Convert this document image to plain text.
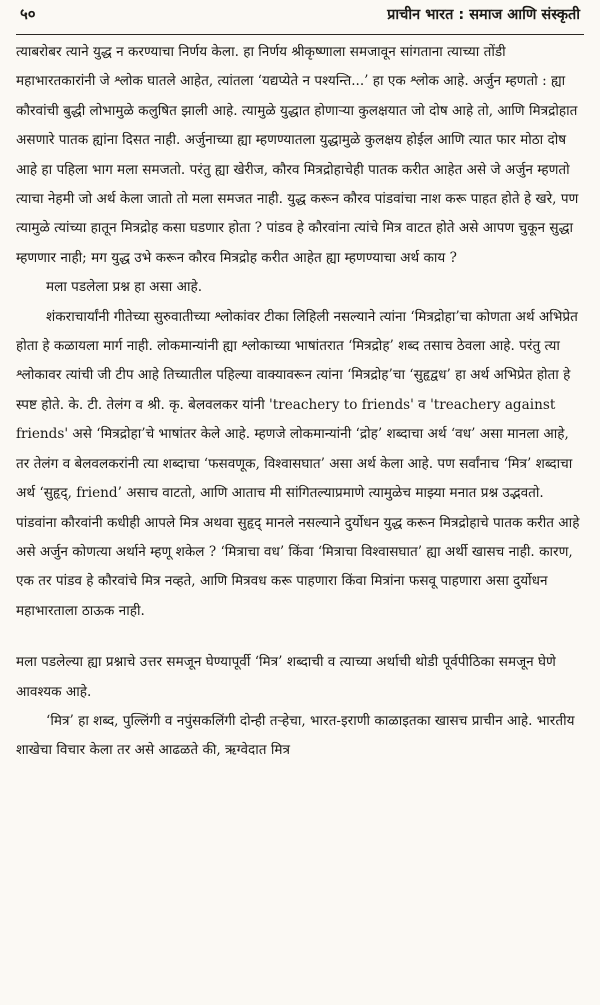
५०	प्राचीन भारत : समाज आणि संस्कृती

त्याबरोबर त्याने युद्ध न करण्याचा निर्णय केला. हा निर्णय श्रीकृष्णाला समजावून सांगताना त्याच्या तोंडी महाभारतकारांनी जे श्लोक घातले आहेत, त्यांतला ‘यद्यप्येते न पश्यन्ति...’ हा एक श्लोक आहे. अर्जुन म्हणतो : ह्या कौरवांची बुद्धी लोभामुळे कलुषित झाली आहे. त्यामुळे युद्धात होणाऱ्या कुलक्षयात जो दोष आहे तो, आणि मित्रद्रोहात असणारे पातक ह्यांना दिसत नाही. अर्जुनाच्या ह्या म्हणण्यातला युद्धामुळे कुलक्षय होईल आणि त्यात फार मोठा दोष आहे हा पहिला भाग मला समजतो. परंतु ह्या खेरीज, कौरव मित्रद्रोहाचेही पातक करीत आहेत असे जे अर्जुन म्हणतो त्याचा नेहमी जो अर्थ केला जातो तो मला समजत नाही. युद्ध करून कौरव पांडवांचा नाश करू पाहत होते हे खरे, पण त्यामुळे त्यांच्या हातून मित्रद्रोह कसा घडणार होता ? पांडव हे कौरवांना त्यांचे मित्र वाटत होते असे आपण चुकून सुद्धा म्हणणार नाही; मग युद्ध उभे करून कौरव मित्रद्रोह करीत आहेत ह्या म्हणण्याचा अर्थ काय ?

मला पडलेला प्रश्न हा असा आहे.

शंकराचार्यांनी गीतेच्या सुरुवातीच्या श्लोकांवर टीका लिहिली नसल्याने त्यांना ‘मित्रद्रोहा’चा कोणता अर्थ अभिप्रेत होता हे कळायला मार्ग नाही. लोकमान्यांनी ह्या श्लोकाच्या भाषांतरात ‘मित्रद्रोह’ शब्द तसाच ठेवला आहे. परंतु त्या श्लोकावर त्यांची जी टीप आहे तिच्यातील पहिल्या वाक्यावरून त्यांना ‘मित्रद्रोह’चा ‘सुहृद्वध’ हा अर्थ अभिप्रेत होता हे स्पष्ट होते. के. टी. तेलंग व श्री. कृ. बेलवलकर यांनी 'treachery to friends' व 'treachery against friends' असे ‘मित्रद्रोहा’चे भाषांतर केले आहे. म्हणजे लोकमान्यांनी ‘द्रोह’ शब्दाचा अर्थ ‘वध’ असा मानला आहे, तर तेलंग व बेलवलकरांनी त्या शब्दाचा ‘फसवणूक, विश्वासघात’ असा अर्थ केला आहे. पण सर्वांनाच ‘मित्र’ शब्दाचा अर्थ ‘सुहृद्, friend’ असाच वाटतो, आणि आताच मी सांगितल्याप्रमाणे त्यामुळेच माझ्या मनात प्रश्न उद्भवतो. पांडवांना कौरवांनी कधीही आपले मित्र अथवा सुहृद् मानले नसल्याने दुर्योधन युद्ध करून मित्रद्रोहाचे पातक करीत आहे असे अर्जुन कोणत्या अर्थाने म्हणू शकेल ? ‘मित्राचा वध’ किंवा ‘मित्राचा विश्वासघात’ ह्या अर्थी खासच नाही. कारण, एक तर पांडव हे कौरवांचे मित्र नव्हते, आणि मित्रवध करू पाहणारा किंवा मित्रांना फसवू पाहणारा असा दुर्योधन महाभारताला ठाऊक नाही.

मला पडलेल्या ह्या प्रश्नाचे उत्तर समजून घेण्यापूर्वी ‘मित्र’ शब्दाची व त्याच्या अर्थाची थोडी पूर्वपीठिका समजून घेणे आवश्यक आहे.

‘मित्र’ हा शब्द, पुल्लिंगी व नपुंसकलिंगी दोन्ही तऱ्हेचा, भारत-इराणी काळाइतका खासच प्राचीन आहे. भारतीय शाखेचा विचार केला तर असे आढळते की, ऋग्वेदात मित्र
